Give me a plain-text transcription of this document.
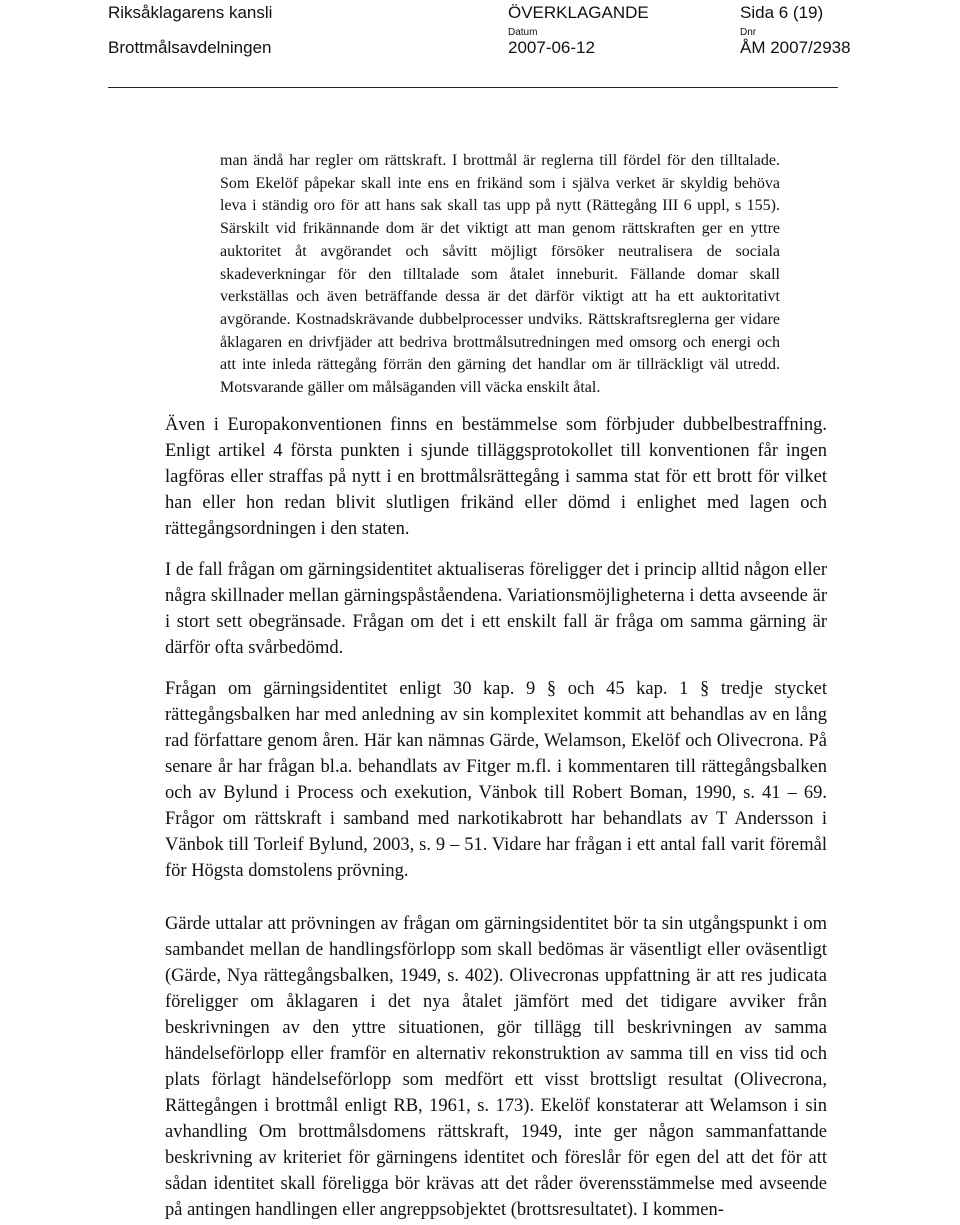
Riksåklagarens kansli
Brottmålsavdelningen
ÖVERKLAGANDE
Datum
2007-06-12
Sida 6 (19)
Dnr
ÅM 2007/2938

man ändå har regler om rättskraft. I brottmål är reglerna till fördel för den tilltalade. Som Ekelöf påpekar skall inte ens en frikänd som i själva verket är skyldig behöva leva i ständig oro för att hans sak skall tas upp på nytt (Rättegång III 6 uppl, s 155). Särskilt vid frikännande dom är det viktigt att man genom rättskraften ger en yttre auktoritet åt avgörandet och såvitt möjligt försöker neutralisera de sociala skadeverkningar för den tilltalade som åtalet inneburit. Fällande domar skall verkställas och även beträffande dessa är det därför viktigt att ha ett auktoritativt avgörande. Kostnadskrävande dubbelprocesser undviks. Rättskraftsreglerna ger vidare åklagaren en drivfjäder att bedriva brottmålsutredningen med omsorg och energi och att inte inleda rättegång förrän den gärning det handlar om är tillräckligt väl utredd. Motsvarande gäller om målsäganden vill väcka enskilt åtal.

Även i Europakonventionen finns en bestämmelse som förbjuder dubbelbestraffning. Enligt artikel 4 första punkten i sjunde tilläggsprotokollet till konventionen får ingen lagföras eller straffas på nytt i en brottmålsrättegång i samma stat för ett brott för vilket han eller hon redan blivit slutligen frikänd eller dömd i enlighet med lagen och rättegångsordningen i den staten.

I de fall frågan om gärningsidentitet aktualiseras föreligger det i princip alltid någon eller några skillnader mellan gärningspåståendena. Variationsmöjligheterna i detta avseende är i stort sett obegränsade. Frågan om det i ett enskilt fall är fråga om samma gärning är därför ofta svårbedömd.

Frågan om gärningsidentitet enligt 30 kap. 9 § och 45 kap. 1 § tredje stycket rättegångsbalken har med anledning av sin komplexitet kommit att behandlas av en lång rad författare genom åren. Här kan nämnas Gärde, Welamson, Ekelöf och Olivecrona. På senare år har frågan bl.a. behandlats av Fitger m.fl. i kommentaren till rättegångsbalken och av Bylund i Process och exekution, Vänbok till Robert Boman, 1990, s. 41 – 69. Frågor om rättskraft i samband med narkotikabrott har behandlats av T Andersson i Vänbok till Torleif Bylund, 2003, s. 9 – 51. Vidare har frågan i ett antal fall varit föremål för Högsta domstolens prövning.

Gärde uttalar att prövningen av frågan om gärningsidentitet bör ta sin utgångspunkt i om sambandet mellan de handlingsförlopp som skall bedömas är väsentligt eller oväsentligt (Gärde, Nya rättegångsbalken, 1949, s. 402). Olivecronas uppfattning är att res judicata föreligger om åklagaren i det nya åtalet jämfört med det tidigare avviker från beskrivningen av den yttre situationen, gör tillägg till beskrivningen av samma händelseförlopp eller framför en alternativ rekonstruktion av samma till en viss tid och plats förlagt händelseförlopp som medfört ett visst brottsligt resultat (Olivecrona, Rättegången i brottmål enligt RB, 1961, s. 173). Ekelöf konstaterar att Welamson i sin avhandling Om brottmålsdomens rättskraft, 1949, inte ger någon sammanfattande beskrivning av kriteriet för gärningens identitet och föreslår för egen del att det för att sådan identitet skall föreligga bör krävas att det råder överensstämmelse med avseende på antingen handlingen eller angreppsobjektet (brottsresultatet). I kommen-
